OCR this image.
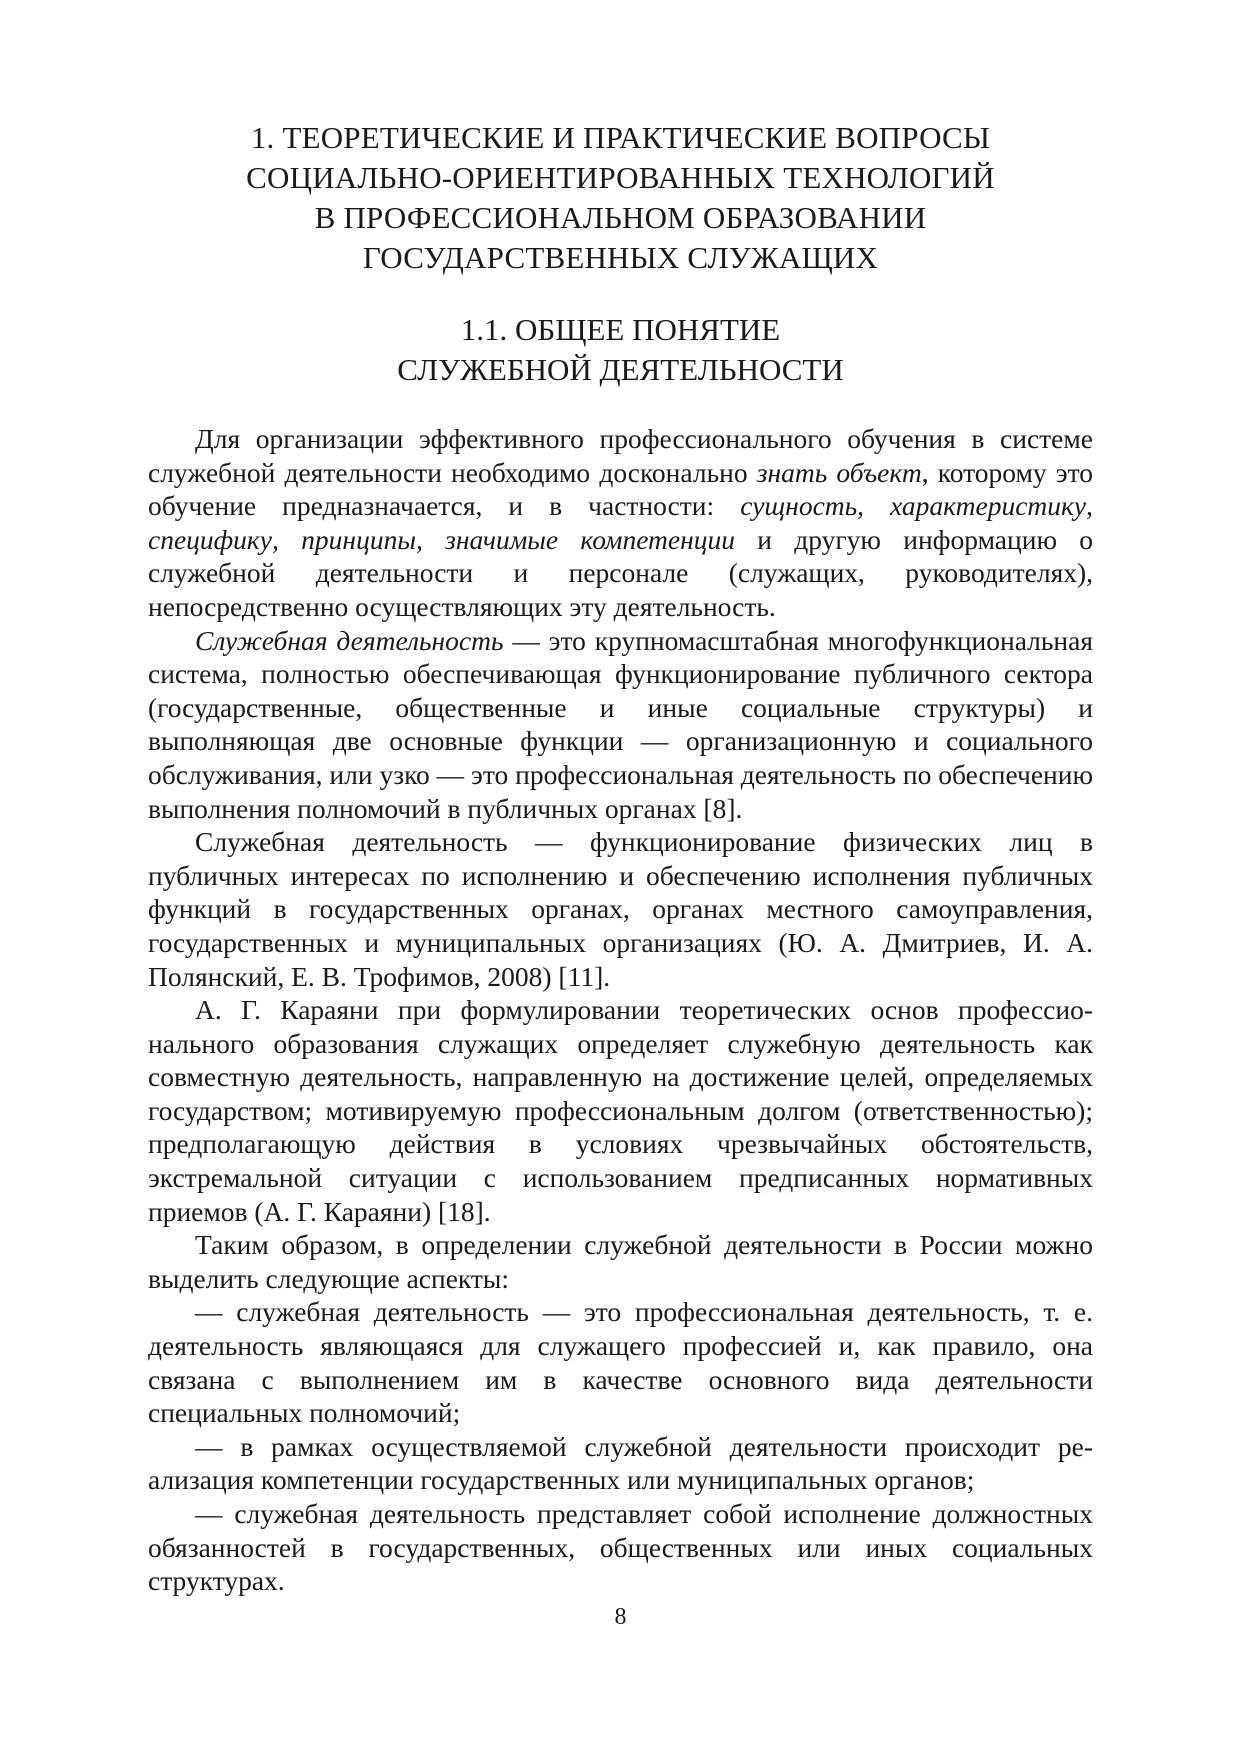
1. ТЕОРЕТИЧЕСКИЕ И ПРАКТИЧЕСКИЕ ВОПРОСЫ
СОЦИАЛЬНО-ОРИЕНТИРОВАННЫХ ТЕХНОЛОГИЙ
В ПРОФЕССИОНАЛЬНОМ ОБРАЗОВАНИИ
ГОСУДАРСТВЕННЫХ СЛУЖАЩИХ
1.1. ОБЩЕЕ ПОНЯТИЕ
СЛУЖЕБНОЙ ДЕЯТЕЛЬНОСТИ

Для организации эффективного профессионального обучения в системе служебной деятельности необходимо досконально знать объект, которому это обучение предназначается, и в частности: сущность, характеристику, специфику, принципы, значимые компетенции и другую информацию о служебной деятельности и персонале (служащих, руководителях), непосредственно осуществляющих эту деятельность.

Служебная деятельность — это крупномасштабная многофункциональная система, полностью обеспечивающая функционирование публичного сектора (государственные, общественные и иные социальные структуры) и выполняющая две основные функции — организационную и социального обслуживания, или узко — это профессиональная деятельность по обеспечению выполнения полномочий в публичных органах [8].

Служебная деятельность — функционирование физических лиц в публичных интересах по исполнению и обеспечению исполнения публичных функций в государственных органах, органах местного самоуправления, государственных и муниципальных организациях (Ю. А. Дмитриев, И. А. Полянский, Е. В. Трофимов, 2008) [11].

А. Г. Караяни при формулировании теоретических основ профессионального образования служащих определяет служебную деятельность как совместную деятельность, направленную на достижение целей, определяемых государством; мотивируемую профессиональным долгом (ответственностью); предполагающую действия в условиях чрезвычайных обстоятельств, экстремальной ситуации с использованием предписанных нормативных приемов (А. Г. Караяни) [18].

Таким образом, в определении служебной деятельности в России можно выделить следующие аспекты:

— служебная деятельность — это профессиональная деятельность, т. е. деятельность являющаяся для служащего профессией и, как правило, она связана с выполнением им в качестве основного вида деятельности специальных полномочий;

— в рамках осуществляемой служебной деятельности происходит реализация компетенции государственных или муниципальных органов;

— служебная деятельность представляет собой исполнение должностных обязанностей в государственных, общественных или иных социальных структурах.

8
